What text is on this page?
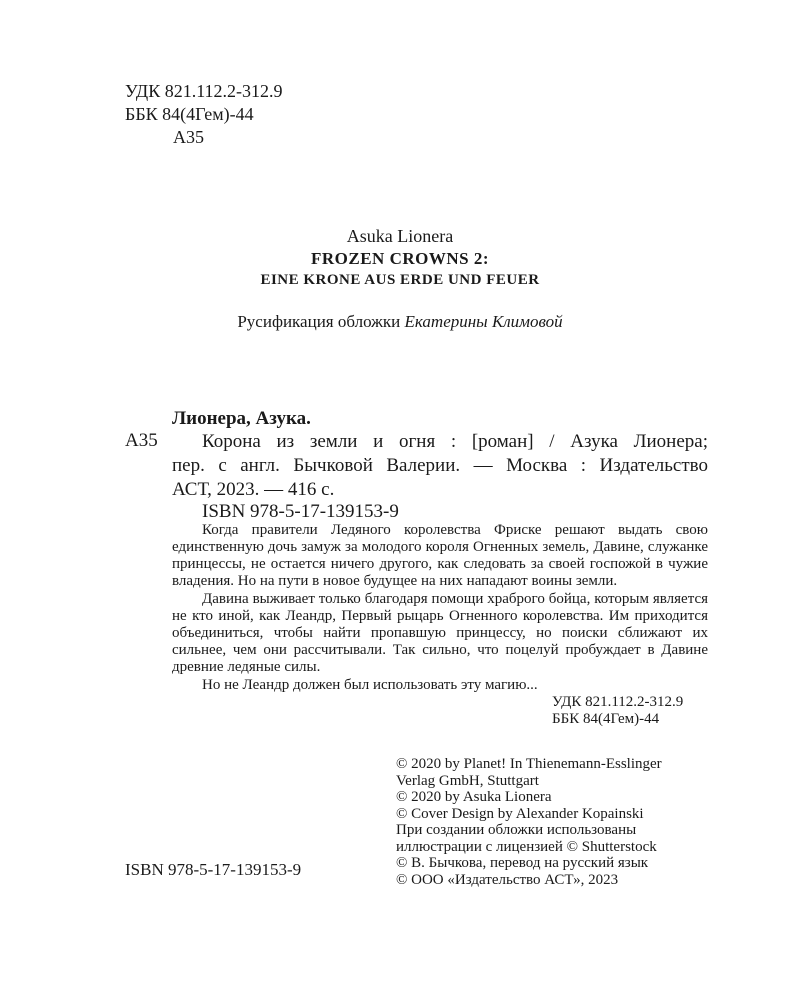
УДК 821.112.2-312.9
ББК 84(4Гем)-44
А35
Asuka Lionera
FROZEN CROWNS 2:
EINE KRONE AUS ERDE UND FEUER
Русификация обложки Екатерины Климовой
Лионера, Азука.
А35	Корона из земли и огня : [роман] / Азука Лионера;
пер. с англ. Бычковой Валерии. — Москва : Издательство
АСТ, 2023. — 416 с.
ISBN 978-5-17-139153-9

Когда правители Ледяного королевства Фриске решают выдать свою единственную дочь замуж за молодого короля Огненных земель, Давине, служанке принцессы, не остается ничего другого, как следовать за своей госпожой в чужие владения. Но на пути в новое будущее на них нападают воины земли.

Давина выживает только благодаря помощи храброго бойца, которым является не кто иной, как Леандр, Первый рыцарь Огненного королевства. Им приходится объединиться, чтобы найти пропавшую принцессу, но поиски сближают их сильнее, чем они рассчитывали. Так сильно, что поцелуй пробуждает в Давине древние ледяные силы.

Но не Леандр должен был использовать эту магию...

УДК 821.112.2-312.9
ББК 84(4Гем)-44
© 2020 by Planet! In Thienemann-Esslinger
Verlag GmbH, Stuttgart
© 2020 by Asuka Lionera
© Cover Design by Alexander Kopainski
При создании обложки использованы
иллюстрации с лицензией © Shutterstock
© В. Бычкова, перевод на русский язык
© ООО «Издательство АСТ», 2023
ISBN 978-5-17-139153-9
